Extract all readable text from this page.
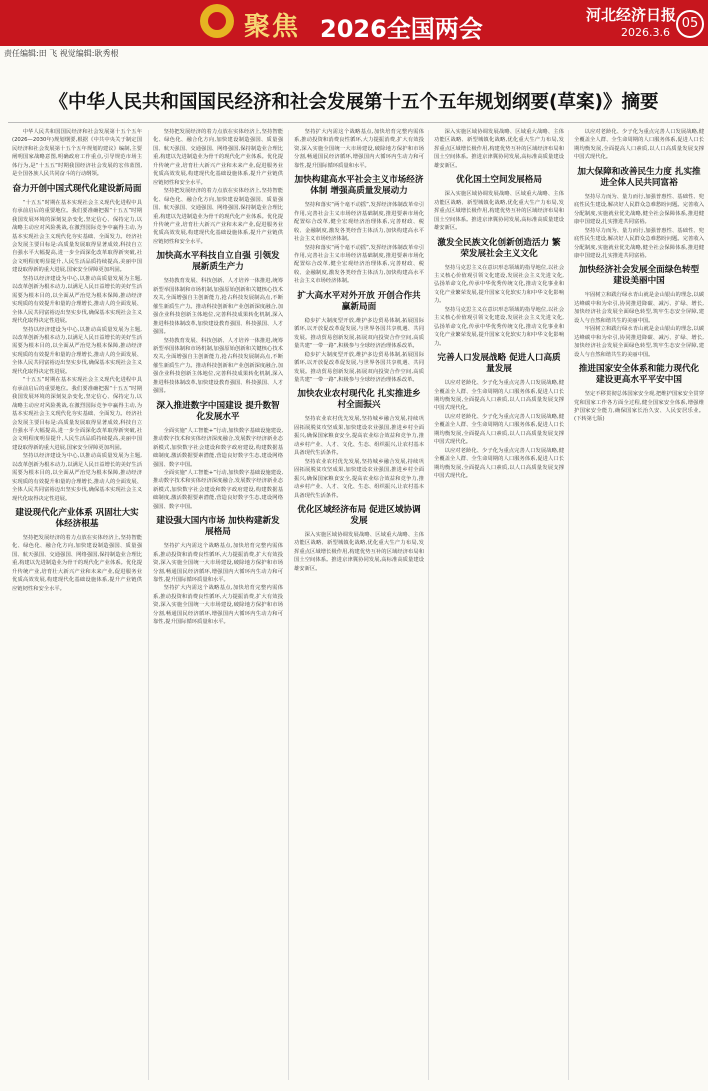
聚焦 2026全国两会	河北经济日报
2026.3.6
05
责任编辑:田 飞 视觉编辑:耿秀根
《中华人民共和国国民经济和社会发展第十五个五年规划纲要(草案)》摘要

中华人民共和国国民经济和社会发展第十五个五年(2026—2030年)规划纲要,根据《中共中央关于制定国民经济和社会发展第十五个五年规划的建议》编制,主要阐明国家战略意图,明确政府工作重点,引导规范市场主体行为,是“十五五”时期我国经济社会发展的宏伟蓝图,是全国各族人民共同奋斗的行动纲领。

奋力开创中国式现代化建设新局面

“十五五”时期在基本实现社会主义现代化进程中具有承前启后的重要地位。我们要准确把握“十五五”时期我国发展环境的深刻复杂变化,坚定信心、保持定力,以战略主动应对风险挑战,在激烈国际竞争中赢得主动,为基本实现社会主义现代化夯实基础、全面发力。经济社会发展主要目标是:高质量发展取得显著成效,科技自立自强水平大幅提高,进一步全面深化改革取得新突破,社会文明程度明显提升,人民生活品质持续提高,美丽中国建设取得新的重大进展,国家安全屏障更加巩固。

坚持以经济建设为中心,以推动高质量发展为主题,以改革创新为根本动力,以满足人民日益增长的美好生活需要为根本目的,以全面从严治党为根本保障,推动经济实现质的有效提升和量的合理增长,推动人的全面发展、全体人民共同富裕迈出坚实步伐,确保基本实现社会主义现代化取得决定性进展。

坚持以经济建设为中心,以推动高质量发展为主题,以改革创新为根本动力,以满足人民日益增长的美好生活需要为根本目的,以全面从严治党为根本保障,推动经济实现质的有效提升和量的合理增长,推动人的全面发展、全体人民共同富裕迈出坚实步伐,确保基本实现社会主义现代化取得决定性进展。

“十五五”时期在基本实现社会主义现代化进程中具有承前启后的重要地位。我们要准确把握“十五五”时期我国发展环境的深刻复杂变化,坚定信心、保持定力,以战略主动应对风险挑战,在激烈国际竞争中赢得主动,为基本实现社会主义现代化夯实基础、全面发力。经济社会发展主要目标是:高质量发展取得显著成效,科技自立自强水平大幅提高,进一步全面深化改革取得新突破,社会文明程度明显提升,人民生活品质持续提高,美丽中国建设取得新的重大进展,国家安全屏障更加巩固。

坚持以经济建设为中心,以推动高质量发展为主题,以改革创新为根本动力,以满足人民日益增长的美好生活需要为根本目的,以全面从严治党为根本保障,推动经济实现质的有效提升和量的合理增长,推动人的全面发展、全体人民共同富裕迈出坚实步伐,确保基本实现社会主义现代化取得决定性进展。

建设现代化产业体系 巩固壮大实体经济根基

坚持把发展经济的着力点放在实体经济上,坚持智能化、绿色化、融合化方向,加快建设制造强国、质量强国、航天强国、交通强国、网络强国,保持制造业合理比重,构建以先进制造业为骨干的现代化产业体系。优化提升传统产业,培育壮大新兴产业和未来产业,促进服务业优质高效发展,构建现代化基础设施体系,提升产业链供应链韧性和安全水平。

坚持把发展经济的着力点放在实体经济上,坚持智能化、绿色化、融合化方向,加快建设制造强国、质量强国、航天强国、交通强国、网络强国,保持制造业合理比重,构建以先进制造业为骨干的现代化产业体系。优化提升传统产业,培育壮大新兴产业和未来产业,促进服务业优质高效发展,构建现代化基础设施体系,提升产业链供应链韧性和安全水平。

坚持把发展经济的着力点放在实体经济上,坚持智能化、绿色化、融合化方向,加快建设制造强国、质量强国、航天强国、交通强国、网络强国,保持制造业合理比重,构建以先进制造业为骨干的现代化产业体系。优化提升传统产业,培育壮大新兴产业和未来产业,促进服务业优质高效发展,构建现代化基础设施体系,提升产业链供应链韧性和安全水平。

加快高水平科技自立自强 引领发展新质生产力

坚持教育发展、科技创新、人才培养一体推进,统筹新型举国体制和市场机制,加强原始创新和关键核心技术攻关,全面增强自主创新能力,抢占科技发展制高点,不断催生新质生产力。推动科技创新和产业创新深度融合,加强企业科技创新主体地位,完善科技成果转化机制,深入推进科技体制改革,加快建设教育强国、科技强国、人才强国。

坚持教育发展、科技创新、人才培养一体推进,统筹新型举国体制和市场机制,加强原始创新和关键核心技术攻关,全面增强自主创新能力,抢占科技发展制高点,不断催生新质生产力。推动科技创新和产业创新深度融合,加强企业科技创新主体地位,完善科技成果转化机制,深入推进科技体制改革,加快建设教育强国、科技强国、人才强国。

深入推进数字中国建设 提升数智化发展水平

全面实施“人工智能+”行动,加快数字基础设施建设,推动数字技术和实体经济深度融合,发展数字经济新业态新模式,加快数字社会建设和数字政府建设,构建数据基础制度,激活数据要素潜能,营造良好数字生态,建设网络强国、数字中国。

全面实施“人工智能+”行动,加快数字基础设施建设,推动数字技术和实体经济深度融合,发展数字经济新业态新模式,加快数字社会建设和数字政府建设,构建数据基础制度,激活数据要素潜能,营造良好数字生态,建设网络强国、数字中国。

建设强大国内市场 加快构建新发展格局

坚持扩大内需这个战略基点,加快培育完整内需体系,推动投资和消费良性循环,大力提振消费,扩大有效投资,深入实施全国统一大市场建设,破除地方保护和市场分割,畅通国民经济循环,增强国内大循环内生动力和可靠性,提升国际循环质量和水平。

坚持扩大内需这个战略基点,加快培育完整内需体系,推动投资和消费良性循环,大力提振消费,扩大有效投资,深入实施全国统一大市场建设,破除地方保护和市场分割,畅通国民经济循环,增强国内大循环内生动力和可靠性,提升国际循环质量和水平。

坚持扩大内需这个战略基点,加快培育完整内需体系,推动投资和消费良性循环,大力提振消费,扩大有效投资,深入实施全国统一大市场建设,破除地方保护和市场分割,畅通国民经济循环,增强国内大循环内生动力和可靠性,提升国际循环质量和水平。

加快构建高水平社会主义市场经济体制 增强高质量发展动力

坚持和落实“两个毫不动摇”,发挥经济体制改革牵引作用,完善社会主义市场经济基础制度,推进要素市场化配置综合改革,健全宏观经济治理体系,完善财政、税收、金融制度,激发各类经营主体活力,加快构建高水平社会主义市场经济体制。

坚持和落实“两个毫不动摇”,发挥经济体制改革牵引作用,完善社会主义市场经济基础制度,推进要素市场化配置综合改革,健全宏观经济治理体系,完善财政、税收、金融制度,激发各类经营主体活力,加快构建高水平社会主义市场经济体制。

扩大高水平对外开放 开创合作共赢新局面

稳步扩大制度型开放,维护多边贸易体制,拓展国际循环,以开放促改革促发展,与世界各国共享机遇、共同发展。推动贸易创新发展,拓展双向投资合作空间,高质量共建“一带一路”,积极参与全球经济治理体系改革。

稳步扩大制度型开放,维护多边贸易体制,拓展国际循环,以开放促改革促发展,与世界各国共享机遇、共同发展。推动贸易创新发展,拓展双向投资合作空间,高质量共建“一带一路”,积极参与全球经济治理体系改革。

加快农业农村现代化 扎实推进乡村全面振兴

坚持农业农村优先发展,坚持城乡融合发展,持续巩固拓展脱贫攻坚成果,加快建设农业强国,推进乡村全面振兴,确保国家粮食安全,提高农业综合效益和竞争力,推动乡村产业、人才、文化、生态、组织振兴,让农村基本具备现代生活条件。

坚持农业农村优先发展,坚持城乡融合发展,持续巩固拓展脱贫攻坚成果,加快建设农业强国,推进乡村全面振兴,确保国家粮食安全,提高农业综合效益和竞争力,推动乡村产业、人才、文化、生态、组织振兴,让农村基本具备现代生活条件。

优化区域经济布局 促进区域协调发展

深入实施区域协调发展战略、区域重大战略、主体功能区战略、新型城镇化战略,优化重大生产力布局,发挥重点区域增长极作用,构建优势互补的区域经济布局和国土空间体系。推进京津冀协同发展,高标准高质量建设雄安新区。

深入实施区域协调发展战略、区域重大战略、主体功能区战略、新型城镇化战略,优化重大生产力布局,发挥重点区域增长极作用,构建优势互补的区域经济布局和国土空间体系。推进京津冀协同发展,高标准高质量建设雄安新区。

优化国土空间发展格局

深入实施区域协调发展战略、区域重大战略、主体功能区战略、新型城镇化战略,优化重大生产力布局,发挥重点区域增长极作用,构建优势互补的区域经济布局和国土空间体系。推进京津冀协同发展,高标准高质量建设雄安新区。

激发全民族文化创新创造活力 繁荣发展社会主义文化

坚持马克思主义在意识形态领域的指导地位,以社会主义核心价值观引领文化建设,发展社会主义先进文化,弘扬革命文化,传承中华优秀传统文化,推动文化事业和文化产业繁荣发展,提升国家文化软实力和中华文化影响力。

坚持马克思主义在意识形态领域的指导地位,以社会主义核心价值观引领文化建设,发展社会主义先进文化,弘扬革命文化,传承中华优秀传统文化,推动文化事业和文化产业繁荣发展,提升国家文化软实力和中华文化影响力。

完善人口发展战略 促进人口高质量发展

以应对老龄化、少子化为重点完善人口发展战略,健全覆盖全人群、全生命周期的人口服务体系,促进人口长期均衡发展,全面提高人口素质,以人口高质量发展支撑中国式现代化。

以应对老龄化、少子化为重点完善人口发展战略,健全覆盖全人群、全生命周期的人口服务体系,促进人口长期均衡发展,全面提高人口素质,以人口高质量发展支撑中国式现代化。

以应对老龄化、少子化为重点完善人口发展战略,健全覆盖全人群、全生命周期的人口服务体系,促进人口长期均衡发展,全面提高人口素质,以人口高质量发展支撑中国式现代化。

以应对老龄化、少子化为重点完善人口发展战略,健全覆盖全人群、全生命周期的人口服务体系,促进人口长期均衡发展,全面提高人口素质,以人口高质量发展支撑中国式现代化。

加大保障和改善民生力度 扎实推进全体人民共同富裕

坚持尽力而为、量力而行,加强普惠性、基础性、兜底性民生建设,解决好人民群众急难愁盼问题。完善收入分配制度,实施就业优先战略,健全社会保障体系,推进健康中国建设,扎实推进共同富裕。

坚持尽力而为、量力而行,加强普惠性、基础性、兜底性民生建设,解决好人民群众急难愁盼问题。完善收入分配制度,实施就业优先战略,健全社会保障体系,推进健康中国建设,扎实推进共同富裕。

加快经济社会发展全面绿色转型 建设美丽中国

牢固树立和践行绿水青山就是金山银山的理念,以碳达峰碳中和为牵引,协同推进降碳、减污、扩绿、增长,加快经济社会发展全面绿色转型,筑牢生态安全屏障,建设人与自然和谐共生的美丽中国。

牢固树立和践行绿水青山就是金山银山的理念,以碳达峰碳中和为牵引,协同推进降碳、减污、扩绿、增长,加快经济社会发展全面绿色转型,筑牢生态安全屏障,建设人与自然和谐共生的美丽中国。

推进国家安全体系和能力现代化 建设更高水平平安中国

坚定不移贯彻总体国家安全观,把维护国家安全贯穿党和国家工作各方面全过程,健全国家安全体系,增强维护国家安全能力,确保国家长治久安、人民安居乐业。(下转第七版)
